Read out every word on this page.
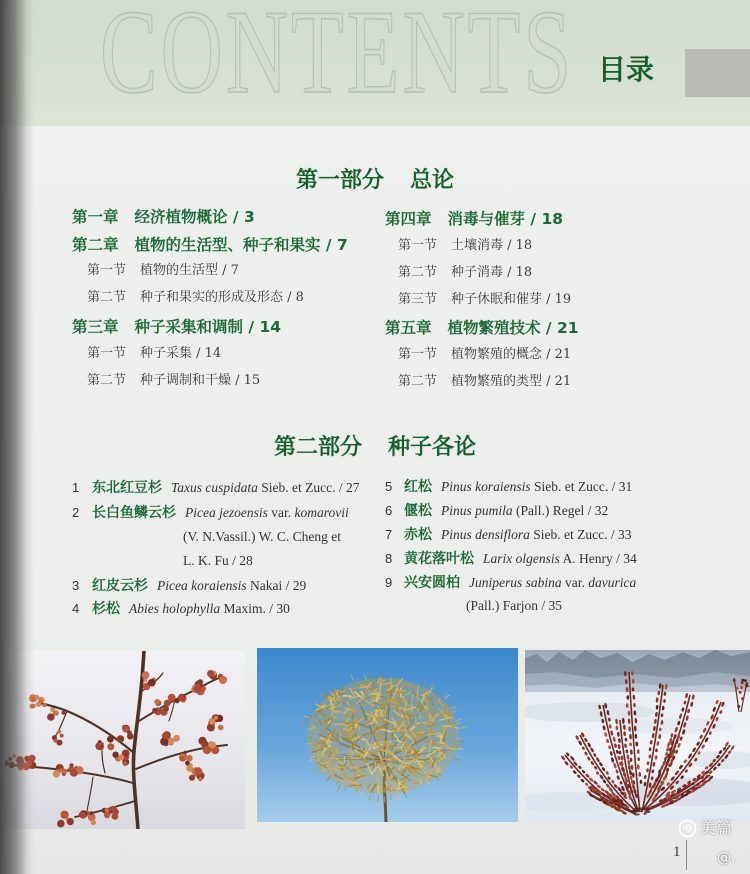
CONTENTS 目录
第一部分 总论
第一章 经济植物概论 / 3
第二章 植物的生活型、种子和果实 / 7
第一节 植物的生活型 / 7
第二节 种子和果实的形成及形态 / 8
第三章 种子采集和调制 / 14
第一节 种子采集 / 14
第二节 种子调制和干燥 / 15
第四章 消毒与催芽 / 18
第一节 土壤消毒 / 18
第二节 种子消毒 / 18
第三节 种子休眠和催芽 / 19
第五章 植物繁殖技术 / 21
第一节 植物繁殖的概念 / 21
第二节 植物繁殖的类型 / 21
第二部分 种子各论
1 东北红豆杉 Taxus cuspidata Sieb. et Zucc. / 27
2 长白鱼鳞云杉 Picea jezoensis var. komarovii
(V. N.Vassil.) W. C. Cheng et
L. K. Fu / 28
3 红皮云杉 Picea koraiensis Nakai / 29
4 杉松 Abies holophylla Maxim. / 30
5 红松 Pinus koraiensis Sieb. et Zucc. / 31
6 偃松 Pinus pumila (Pall.) Regel / 32
7 赤松 Pinus densiflora Sieb. et Zucc. / 33
8 黄花落叶松 Larix olgensis A. Henry / 34
9 兴安圆柏 Juniperus sabina var. davurica
(Pall.) Farjon / 35
1
美篇
@.
